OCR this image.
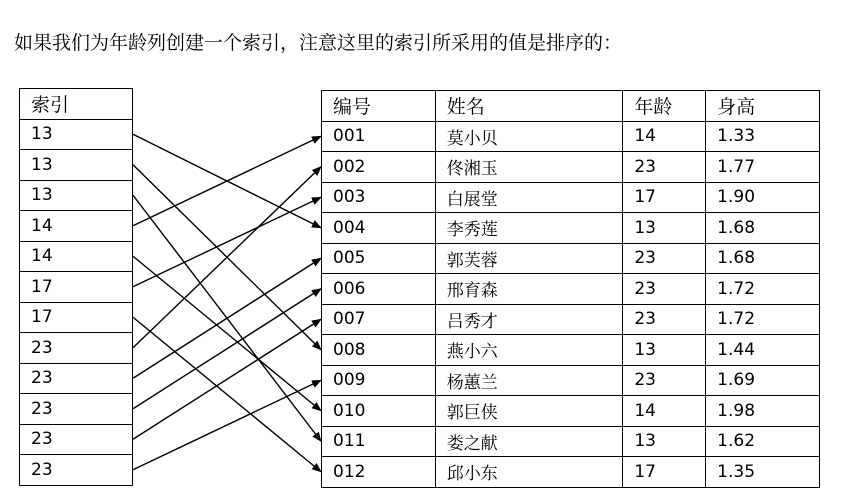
如果我们为年龄列创建一个索引，注意这里的索引所采用的值是排序的：
索引
13
13
13
14
14
17
17
23
23
23
23
23
编号	姓名	年龄	身高
001	莫小贝	14	1.33
002	佟湘玉	23	1.77
003	白展堂	17	1.90
004	李秀莲	13	1.68
005	郭芙蓉	23	1.68
006	邢育森	23	1.72
007	吕秀才	23	1.72
008	燕小六	13	1.44
009	杨蕙兰	23	1.69
010	郭巨侠	14	1.98
011	娄之献	13	1.62
012	邱小东	17	1.35
